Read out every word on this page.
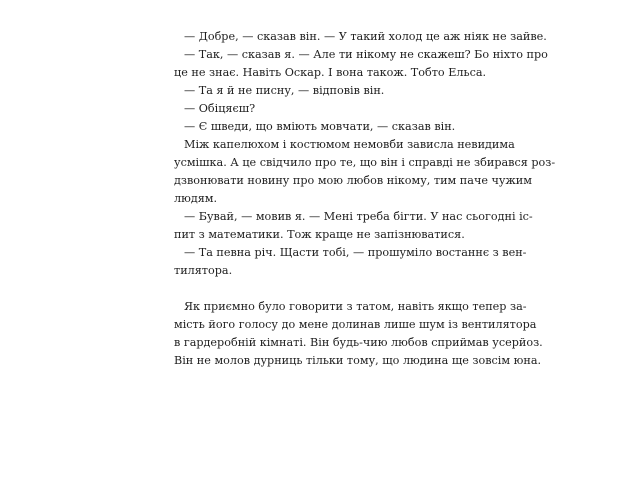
— Добре, — сказав він. — У такий холод це аж ніяк не зайве.
— Так, — сказав я. — Але ти нікому не скажеш? Бо ніхто про
це не знає. Навіть Оскар. І вона також. Тобто Ельса.
— Та я й не писну, — відповів він.
— Обіцяєш?
— Є шведи, що вміють мовчати, — сказав він.
Між капелюхом і костюмом немовби зависла невидима
усмішка. А це свідчило про те, що він і справді не збирався роз-
дзвонювати новину про мою любов нікому, тим паче чужим
людям.
— Бувай, — мовив я. — Мені треба бігти. У нас сьогодні іс-
пит з математики. Тож краще не запізнюватися.
— Та певна річ. Щасти тобі, — прошуміло востаннє з вен-
тилятора.
Як приємно було говорити з татом, навіть якщо тепер за-
мість його голосу до мене долинав лише шум із вентилятора
в гардеробній кімнаті. Він будь-чию любов сприймав усерйоз.
Він не молов дурниць тільки тому, що людина ще зовсім юна.
